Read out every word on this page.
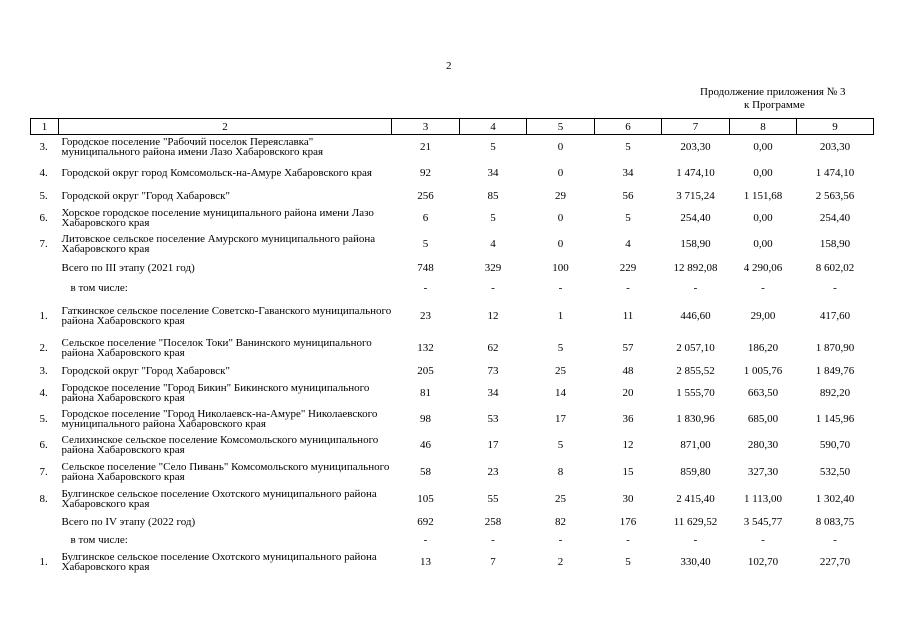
2
Продолжение приложения № 3
к Программе
1	2	3	4	5	6	7	8	9
3.	Городское поселение "Рабочий поселок Переяславка" муниципального района имени Лазо Хабаровского края	21	5	0	5	203,30	0,00	203,30
4.	Городской округ город Комсомольск-на-Амуре Хабаровского края	92	34	0	34	1 474,10	0,00	1 474,10
5.	Городской округ "Город Хабаровск"	256	85	29	56	3 715,24	1 151,68	2 563,56
6.	Хорское городское поселение муниципального района имени Лазо Хабаровского края	6	5	0	5	254,40	0,00	254,40
7.	Литовское сельское поселение Амурского муниципального района Хабаровского края	5	4	0	4	158,90	0,00	158,90
	Всего по III этапу (2021 год)	748	329	100	229	12 892,08	4 290,06	8 602,02
	в том числе:	-	-	-	-	-	-	-
1.	Гаткинское сельское поселение Советско-Гаванского муниципального района Хабаровского края	23	12	1	11	446,60	29,00	417,60
2.	Сельское поселение "Поселок Токи" Ванинского муниципального района Хабаровского края	132	62	5	57	2 057,10	186,20	1 870,90
3.	Городской округ "Город Хабаровск"	205	73	25	48	2 855,52	1 005,76	1 849,76
4.	Городское поселение "Город Бикин" Бикинского муниципального района Хабаровского края	81	34	14	20	1 555,70	663,50	892,20
5.	Городское поселение "Город Николаевск-на-Амуре" Николаевского муниципального района Хабаровского края	98	53	17	36	1 830,96	685,00	1 145,96
6.	Селихинское сельское поселение Комсомольского муниципального района Хабаровского края	46	17	5	12	871,00	280,30	590,70
7.	Сельское поселение "Село Пивань" Комсомольского муниципального района Хабаровского края	58	23	8	15	859,80	327,30	532,50
8.	Булгинское сельское поселение Охотского муниципального района Хабаровского края	105	55	25	30	2 415,40	1 113,00	1 302,40
	Всего по IV этапу (2022 год)	692	258	82	176	11 629,52	3 545,77	8 083,75
	в том числе:	-	-	-	-	-	-	-
1.	Булгинское сельское поселение Охотского муниципального района Хабаровского края	13	7	2	5	330,40	102,70	227,70
